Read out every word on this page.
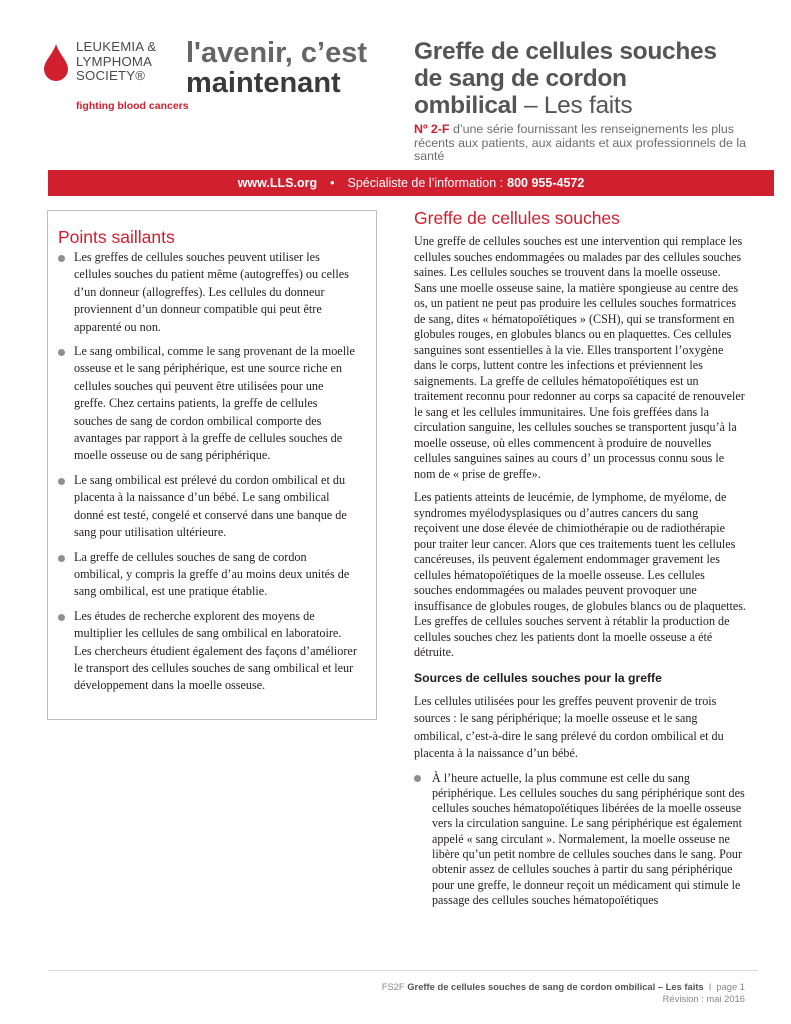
LEUKEMIA &
LYMPHOMA
SOCIETY®
fighting blood cancers
l'avenir, c’est
maintenant
Greffe de cellules souches
de sang de cordon
ombilical – Les faits
Nº 2-F d’une série fournissant les renseignements les plus récents aux patients, aux aidants et aux professionnels de la santé
www.LLS.org • Spécialiste de l’information : 800 955-4572
Points saillants
Les greffes de cellules souches peuvent utiliser les cellules souches du patient même (autogreffes) ou celles d’un donneur (allogreffes). Les cellules du donneur proviennent d’un donneur compatible qui peut être apparenté ou non.
Le sang ombilical, comme le sang provenant de la moelle osseuse et le sang périphérique, est une source riche en cellules souches qui peuvent être utilisées pour une greffe. Chez certains patients, la greffe de cellules souches de sang de cordon ombilical comporte des avantages par rapport à la greffe de cellules souches de moelle osseuse ou de sang périphérique.
Le sang ombilical est prélevé du cordon ombilical et du placenta à la naissance d’un bébé. Le sang ombilical donné est testé, congelé et conservé dans une banque de sang pour utilisation ultérieure.
La greffe de cellules souches de sang de cordon ombilical, y compris la greffe d’au moins deux unités de sang ombilical, est une pratique établie.
Les études de recherche explorent des moyens de multiplier les cellules de sang ombilical en laboratoire. Les chercheurs étudient également des façons d’améliorer le transport des cellules souches de sang ombilical et leur développement dans la moelle osseuse.
Greffe de cellules souches

Une greffe de cellules souches est une intervention qui remplace les cellules souches endommagées ou malades par des cellules souches saines. Les cellules souches se trouvent dans la moelle osseuse. Sans une moelle osseuse saine, la matière spongieuse au centre des os, un patient ne peut pas produire les cellules souches formatrices de sang, dites « hématopoïétiques » (CSH), qui se transforment en globules rouges, en globules blancs ou en plaquettes. Ces cellules sanguines sont essentielles à la vie. Elles transportent l’oxygène dans le corps, luttent contre les infections et préviennent les saignements. La greffe de cellules hématopoïétiques est un traitement reconnu pour redonner au corps sa capacité de renouveler le sang et les cellules immunitaires. Une fois greffées dans la circulation sanguine, les cellules souches se transportent jusqu’à la moelle osseuse, où elles commencent à produire de nouvelles cellules sanguines saines au cours d’ un processus connu sous le nom de « prise de greffe».

Les patients atteints de leucémie, de lymphome, de myélome, de syndromes myélodysplasiques ou d’autres cancers du sang reçoivent une dose élevée de chimiothérapie ou de radiothérapie pour traiter leur cancer. Alors que ces traitements tuent les cellules cancéreuses, ils peuvent également endommager gravement les cellules hématopoïétiques de la moelle osseuse. Les cellules souches endommagées ou malades peuvent provoquer une insuffisance de globules rouges, de globules blancs ou de plaquettes. Les greffes de cellules souches servent à rétablir la production de cellules souches chez les patients dont la moelle osseuse a été détruite.

Sources de cellules souches pour la greffe

Les cellules utilisées pour les greffes peuvent provenir de trois sources : le sang périphérique; la moelle osseuse et le sang ombilical, c’est-à-dire le sang prélevé du cordon ombilical et du placenta à la naissance d’un bébé.

À l’heure actuelle, la plus commune est celle du sang périphérique. Les cellules souches du sang périphérique sont des cellules souches hématopoïétiques libérées de la moelle osseuse vers la circulation sanguine. Le sang périphérique est également appelé « sang circulant ». Normalement, la moelle osseuse ne libère qu’un petit nombre de cellules souches dans le sang. Pour obtenir assez de cellules souches à partir du sang périphérique pour une greffe, le donneur reçoit un médicament qui stimule le passage des cellules souches hématopoïétiques
FS2F Greffe de cellules souches de sang de cordon ombilical – Les faits I page 1
Révision : mai 2016
